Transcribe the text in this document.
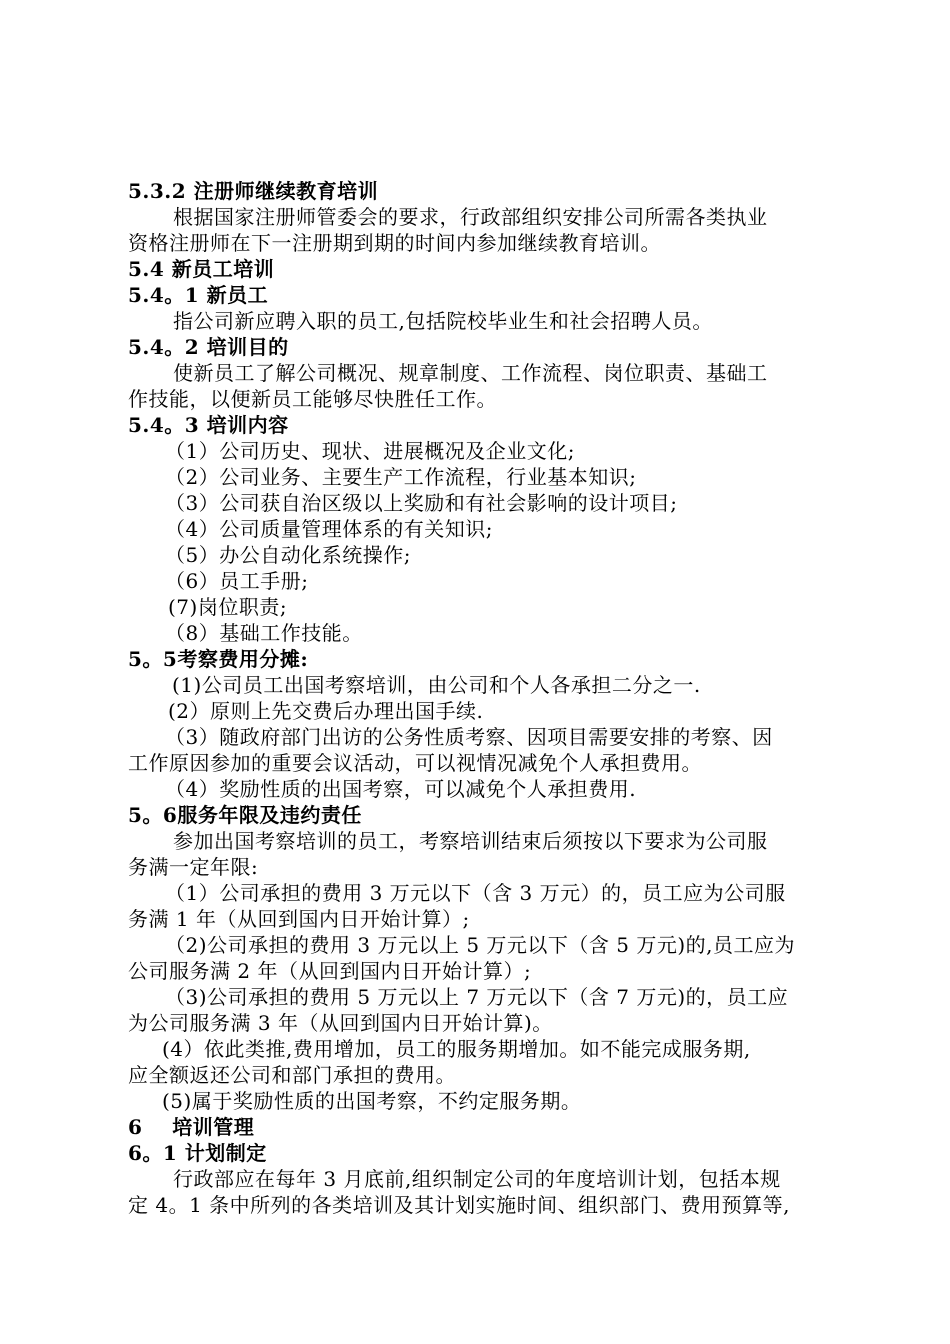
5.3.2 注册师继续教育培训
根据国家注册师管委会的要求，行政部组织安排公司所需各类执业
资格注册师在下一注册期到期的时间内参加继续教育培训。
5.4 新员工培训
5.4。1 新员工
指公司新应聘入职的员工,包括院校毕业生和社会招聘人员。
5.4。2 培训目的
使新员工了解公司概况、规章制度、工作流程、岗位职责、基础工
作技能，以便新员工能够尽快胜任工作。
5.4。3 培训内容
（1）公司历史、现状、进展概况及企业文化;
（2）公司业务、主要生产工作流程，行业基本知识;
（3）公司获自治区级以上奖励和有社会影响的设计项目;
（4）公司质量管理体系的有关知识;
（5）办公自动化系统操作;
（6）员工手册;
(7)岗位职责;
（8）基础工作技能。
5。5考察费用分摊:
(1)公司员工出国考察培训，由公司和个人各承担二分之一.
(2）原则上先交费后办理出国手续.
（3）随政府部门出访的公务性质考察、因项目需要安排的考察、因
工作原因参加的重要会议活动，可以视情况减免个人承担费用。
（4）奖励性质的出国考察，可以减免个人承担费用.
5。6服务年限及违约责任
参加出国考察培训的员工，考察培训结束后须按以下要求为公司服
务满一定年限:
（1）公司承担的费用 3 万元以下（含 3 万元）的，员工应为公司服
务满 1 年（从回到国内日开始计算）;
（2)公司承担的费用 3 万元以上 5 万元以下（含 5 万元)的,员工应为
公司服务满 2 年（从回到国内日开始计算）;
（3)公司承担的费用 5 万元以上 7 万元以下（含 7 万元)的，员工应
为公司服务满 3 年（从回到国内日开始计算)。
(4）依此类推,费用增加，员工的服务期增加。如不能完成服务期,
应全额返还公司和部门承担的费用。
(5)属于奖励性质的出国考察，不约定服务期。
6    培训管理
6。1 计划制定
行政部应在每年 3 月底前,组织制定公司的年度培训计划，包括本规
定 4。1 条中所列的各类培训及其计划实施时间、组织部门、费用预算等,
